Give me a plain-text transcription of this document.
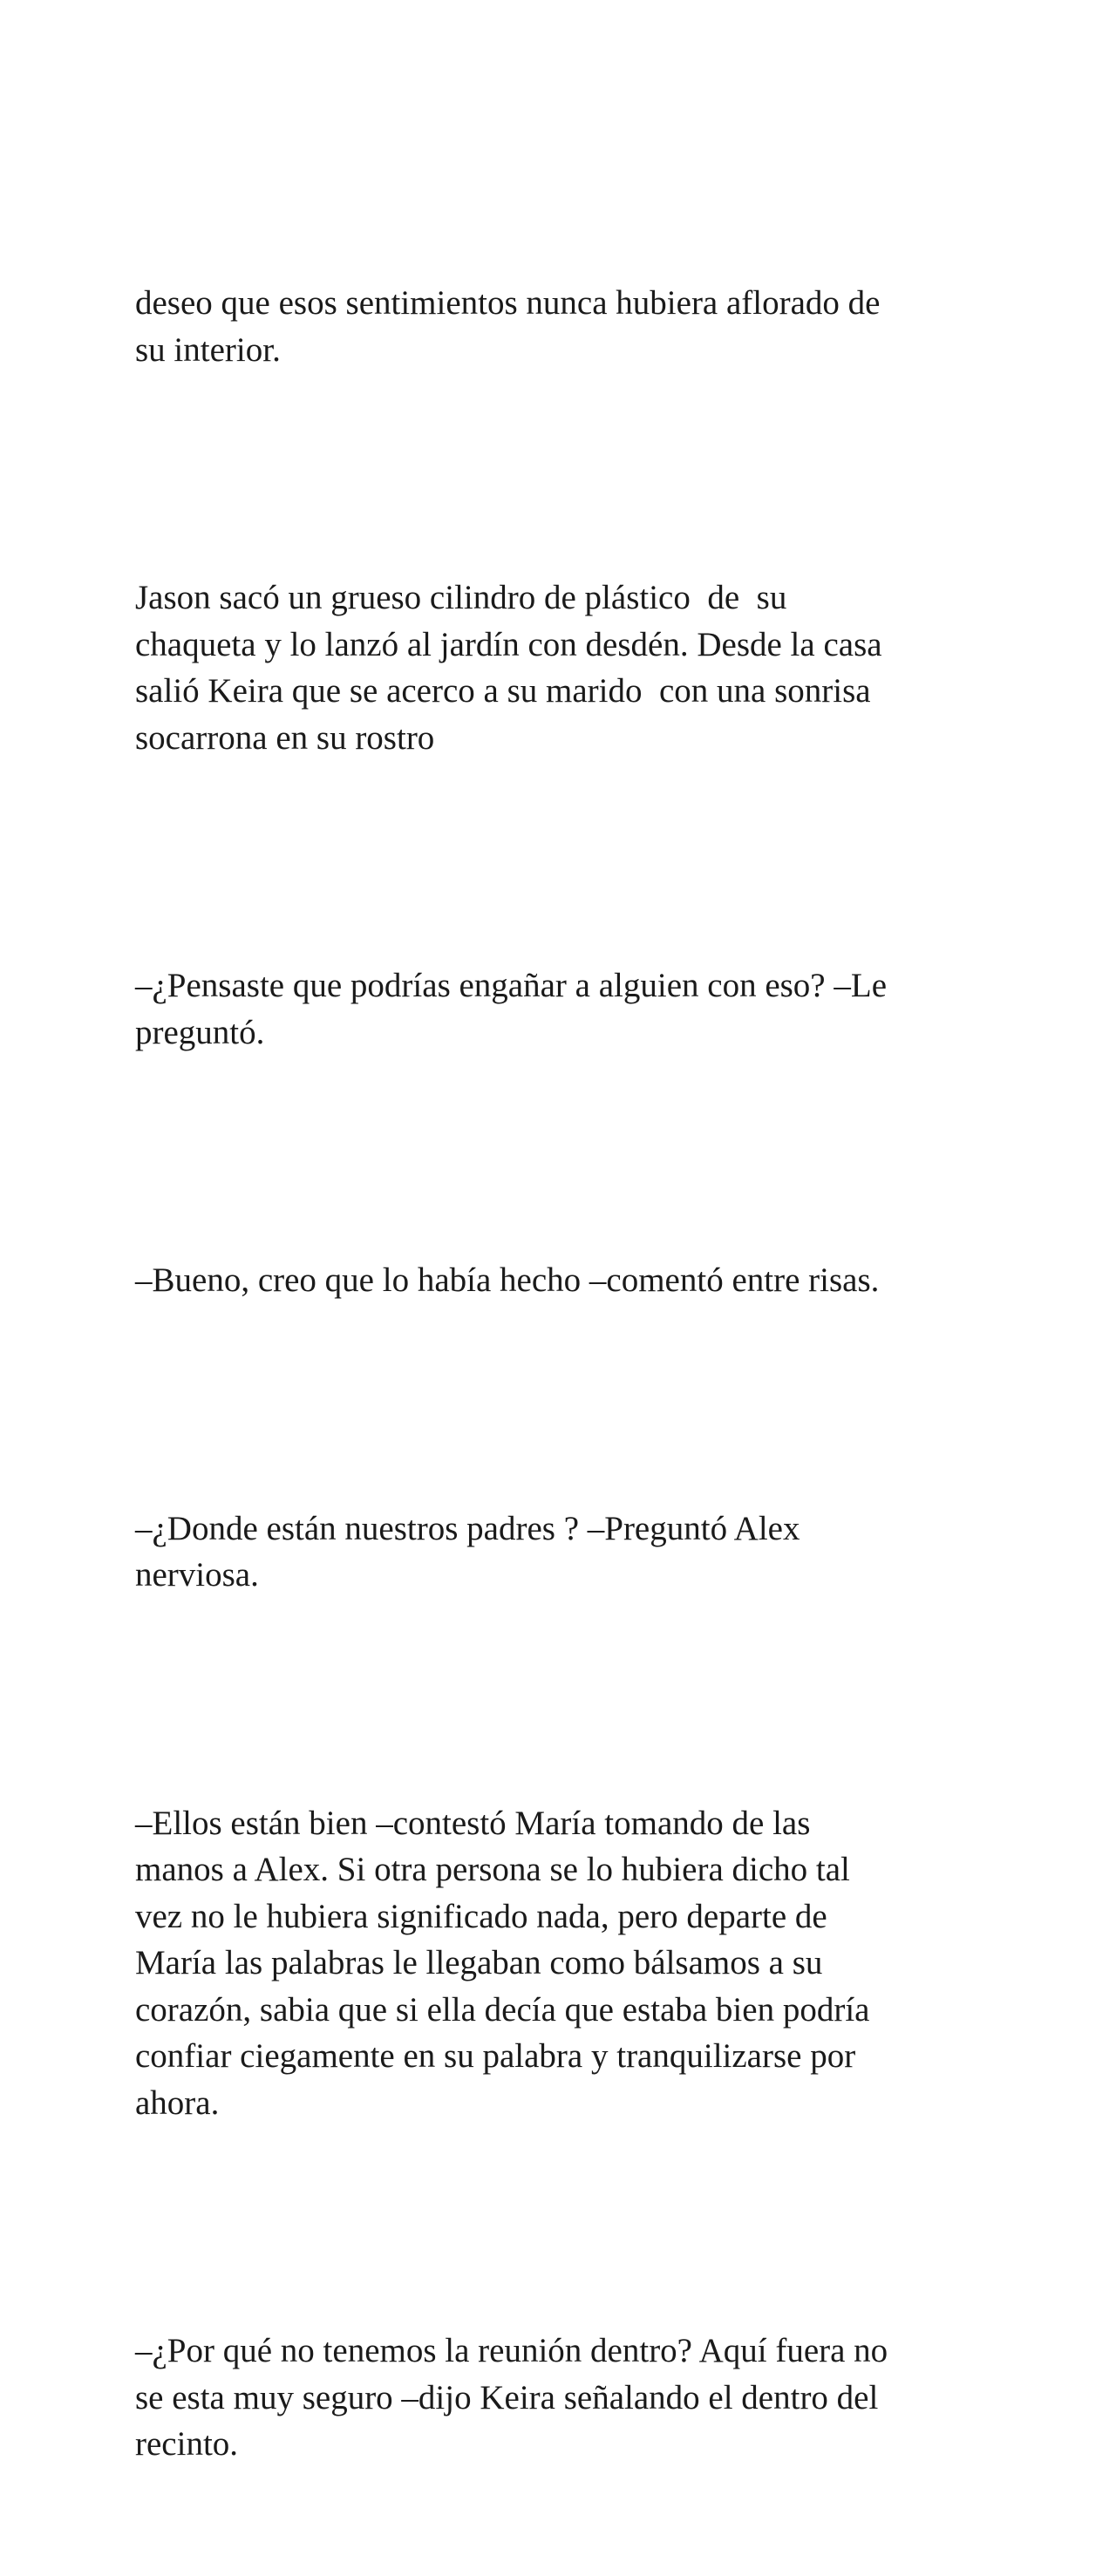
deseo que esos sentimientos nunca hubiera aflorado de
su interior.

Jason sacó un grueso cilindro de plástico  de  su
chaqueta y lo lanzó al jardín con desdén. Desde la casa
salió Keira que se acerco a su marido  con una sonrisa
socarrona en su rostro

–¿Pensaste que podrías engañar a alguien con eso? –Le
preguntó.

–Bueno, creo que lo había hecho –comentó entre risas.

–¿Donde están nuestros padres ? –Preguntó Alex
nerviosa.

–Ellos están bien –contestó María tomando de las
manos a Alex. Si otra persona se lo hubiera dicho tal
vez no le hubiera significado nada, pero departe de
María las palabras le llegaban como bálsamos a su
corazón, sabia que si ella decía que estaba bien podría
confiar ciegamente en su palabra y tranquilizarse por
ahora.

–¿Por qué no tenemos la reunión dentro? Aquí fuera no
se esta muy seguro –dijo Keira señalando el dentro del
recinto.
